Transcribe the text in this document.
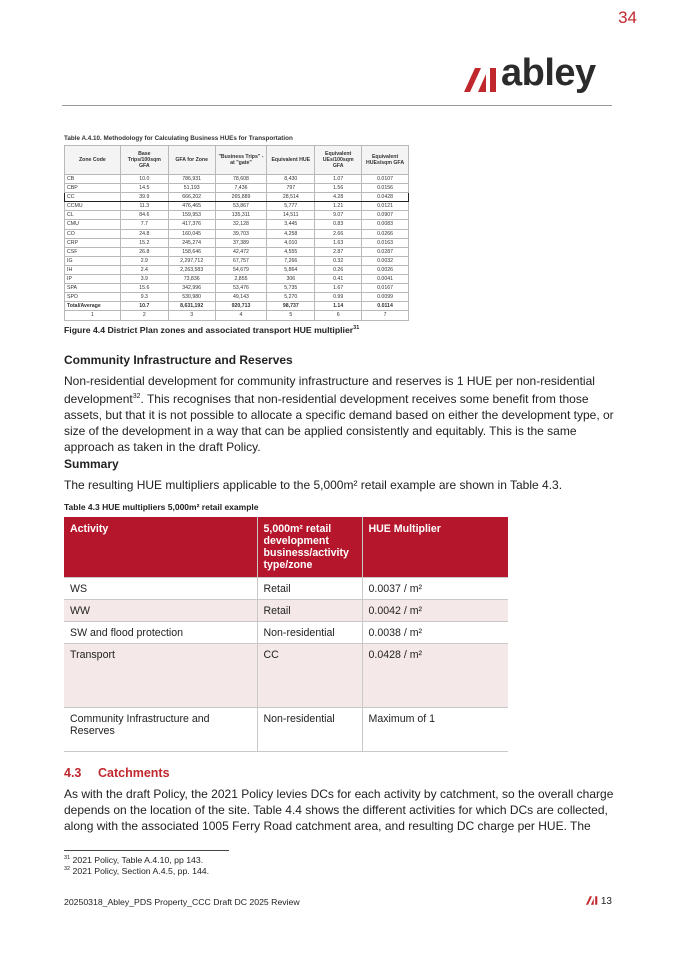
34
abley
Table A.4.10. Methodology for Calculating Business HUEs for Transportation
Zone Code	Base Trips/100sqm GFA	GFA for Zone	"Business Trips" - at "gate"	Equivalent HUE	Equivalent UEs/100sqm GFA	Equivalent HUEs/sqm GFA
CB	10.0	786,931	78,608	8,430	1.07	0.0107
CBP	14.5	51,193	7,436	797	1.56	0.0156
CC	39.9	666,202	265,889	28,514	4.28	0.0428
CCMU	11.3	476,465	53,867	5,777	1.21	0.0121
CL	84.6	159,953	135,311	14,511	9.07	0.0907
CMU	7.7	417,376	32,128	3,445	0.83	0.0083
CO	24.8	160,045	39,703	4,258	2.66	0.0266
CRP	15.2	245,274	37,389	4,010	1.63	0.0163
CSF	26.8	158,646	42,472	4,555	2.87	0.0287
IG	2.9	2,297,712	67,757	7,266	0.32	0.0032
IH	2.4	2,263,583	54,679	5,864	0.26	0.0026
IP	3.9	73,836	2,855	306	0.41	0.0041
SPA	15.6	342,996	53,476	5,735	1.67	0.0167
SPO	9.3	530,980	49,143	5,270	0.99	0.0099
Total/Average	10.7	8,631,192	920,713	98,737	1.14	0.0114
1	2	3	4	5	6	7
Figure 4.4 District Plan zones and associated transport HUE multiplier$^{31}$
Community Infrastructure and Reserves
Non-residential development for community infrastructure and reserves is 1 HUE per non-residential development$^{32}$. This recognises that non-residential development receives some benefit from those assets, but that it is not possible to allocate a specific demand based on either the development type, or size of the development in a way that can be applied consistently and equitably. This is the same approach as taken in the draft Policy.
Summary
The resulting HUE multipliers applicable to the 5,000m² retail example are shown in Table 4.3.
Table 4.3 HUE multipliers 5,000m² retail example
Activity	5,000m² retail development business/activity type/zone	HUE Multiplier
WS	Retail	0.0037 / m²
WW	Retail	0.0042 / m²
SW and flood protection	Non-residential	0.0038 / m²
Transport	CC	0.0428 / m²
Community Infrastructure and Reserves	Non-residential	Maximum of 1
4.3 Catchments
As with the draft Policy, the 2021 Policy levies DCs for each activity by catchment, so the overall charge depends on the location of the site. Table 4.4 shows the different activities for which DCs are collected, along with the associated 1005 Ferry Road catchment area, and resulting DC charge per HUE. The
$^{31}$ 2021 Policy, Table A.4.10, pp 143.
$^{32}$ 2021 Policy, Section A.4.5, pp. 144.
20250318_Abley_PDS Property_CCC Draft DC 2025 Review	13
